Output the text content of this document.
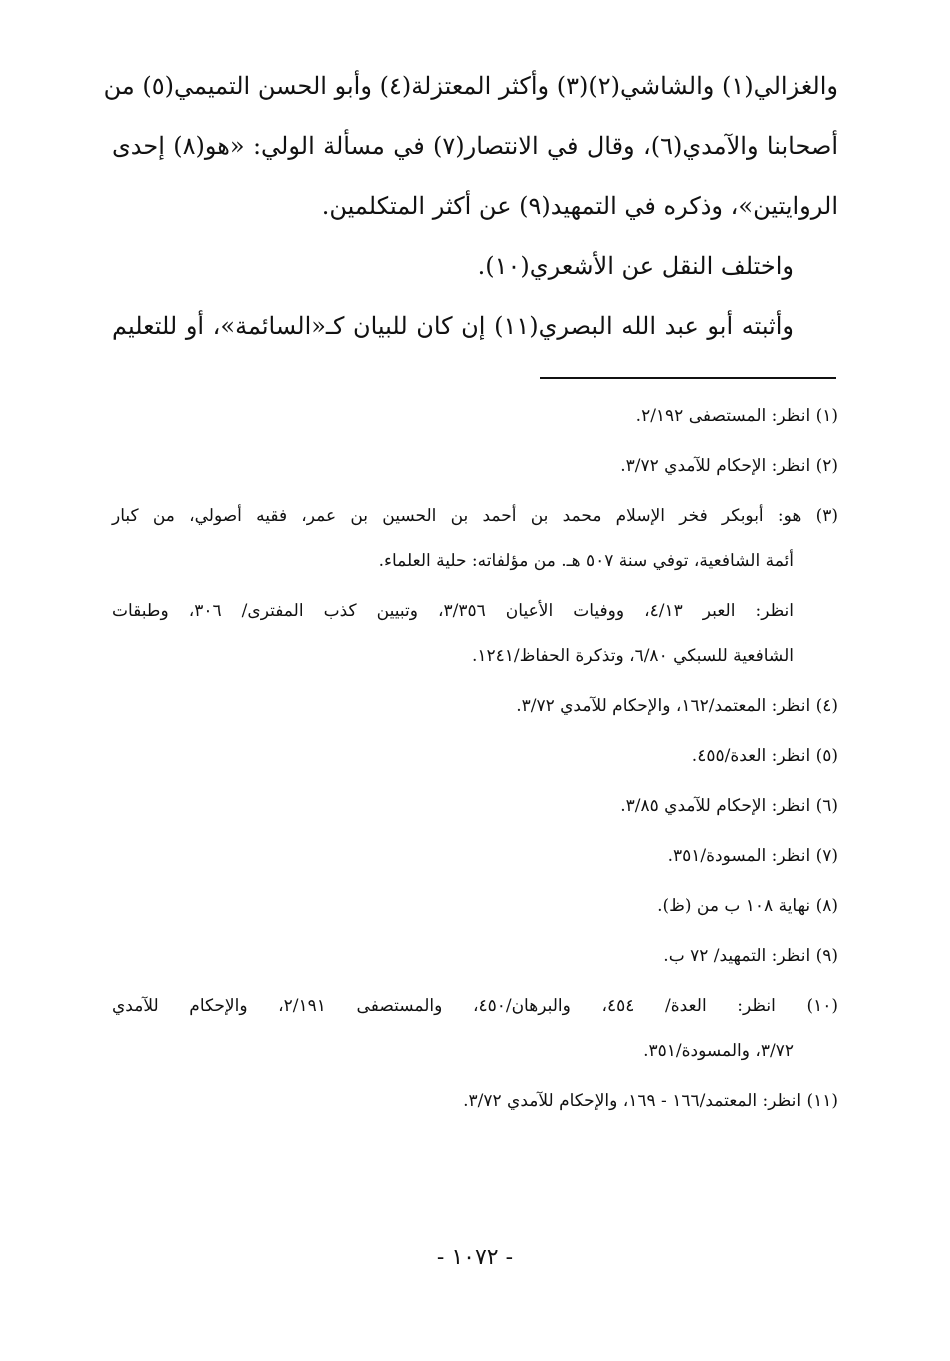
والغزالي(١) والشاشي(٢)(٣) وأكثر المعتزلة(٤) وأبو الحسن التميمي(٥) من
أصحابنا والآمدي(٦)، وقال في الانتصار(٧) في مسألة الولي: «هو(٨) إحدى
الروايتين»، وذكره في التمهيد(٩) عن أكثر المتكلمين.
واختلف النقل عن الأشعري(١٠).
وأثبته أبو عبد الله البصري(١١) إن كان للبيان كـ«السائمة»، أو للتعليم
(١) انظر: المستصفى ٢/١٩٢.
(٢) انظر: الإحكام للآمدي ٣/٧٢.
(٣) هو: أبوبكر فخر الإسلام محمد بن أحمد بن الحسين بن عمر، فقيه أصولي، من كبار
أئمة الشافعية، توفي سنة ٥٠٧ هـ. من مؤلفاته: حلية العلماء.
انظر: العبر ٤/١٣، ووفيات الأعيان ٣/٣٥٦، وتبيين كذب المفترى/ ٣٠٦، وطبقات
الشافعية للسبكي ٦/٨٠، وتذكرة الحفاظ/١٢٤١.
(٤) انظر: المعتمد/١٦٢، والإحكام للآمدي ٣/٧٢.
(٥) انظر: العدة/٤٥٥.
(٦) انظر: الإحكام للآمدي ٣/٨٥.
(٧) انظر: المسودة/٣٥١.
(٨) نهاية ١٠٨ ب من (ظ).
(٩) انظر: التمهيد/ ٧٢ ب.
(١٠) انظر: العدة/ ٤٥٤، والبرهان/٤٥٠، والمستصفى ٢/١٩١، والإحكام للآمدي
٣/٧٢، والمسودة/٣٥١.
(١١) انظر: المعتمد/١٦٦ - ١٦٩، والإحكام للآمدي ٣/٧٢.
- ١٠٧٢ -
